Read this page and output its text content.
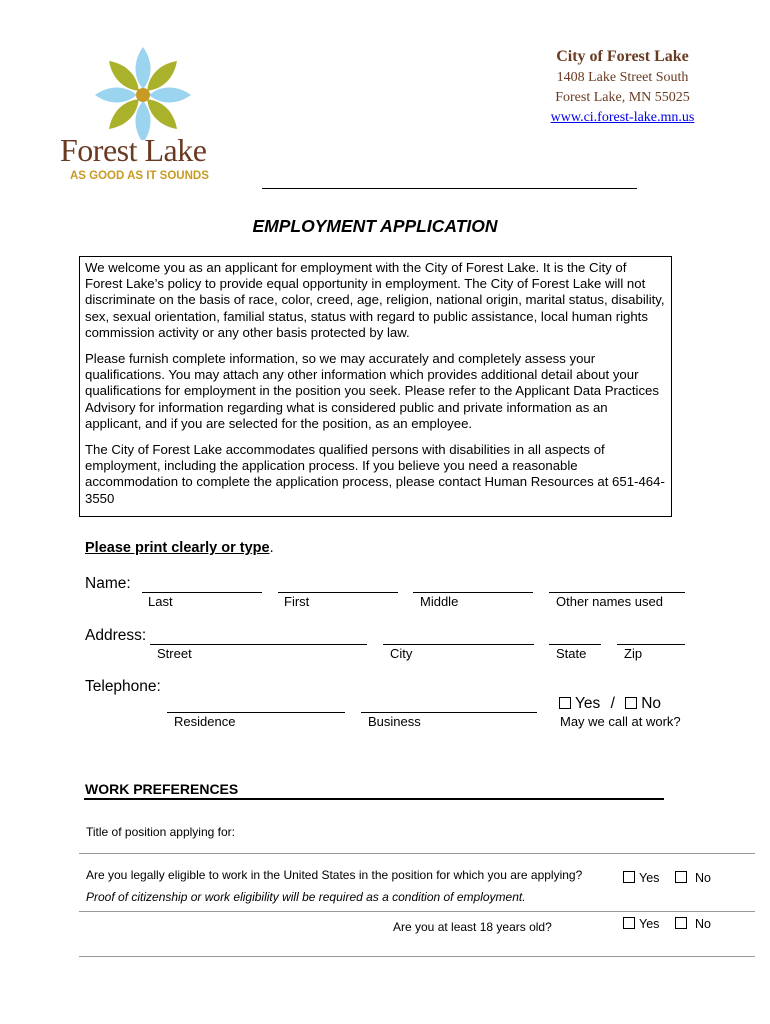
Forest Lake
AS GOOD AS IT SOUNDS
City of Forest Lake
1408 Lake Street South
Forest Lake, MN 55025
www.ci.forest-lake.mn.us
EMPLOYMENT APPLICATION
We welcome you as an applicant for employment with the City of Forest Lake. It is the City of Forest Lake’s policy to provide equal opportunity in employment. The City of Forest Lake will not discriminate on the basis of race, color, creed, age, religion, national origin, marital status, disability, sex, sexual orientation, familial status, status with regard to public assistance, local human rights commission activity or any other basis protected by law.
Please furnish complete information, so we may accurately and completely assess your qualifications. You may attach any other information which provides additional detail about your qualifications for employment in the position you seek. Please refer to the Applicant Data Practices Advisory for information regarding what is considered public and private information as an applicant, and if you are selected for the position, as an employee.
The City of Forest Lake accommodates qualified persons with disabilities in all aspects of employment, including the application process. If you believe you need a reasonable accommodation to complete the application process, please contact Human Resources at 651-464-3550
Please print clearly or type.
Name:
Last	First	Middle	Other names used
Address:
Street	City	State	Zip
Telephone:
Residence	Business
Yes / No
May we call at work?
WORK PREFERENCES
Title of position applying for:
Are you legally eligible to work in the United States in the position for which you are applying?
Proof of citizenship or work eligibility will be required as a condition of employment.
Yes	No
Are you at least 18 years old?	Yes	No
